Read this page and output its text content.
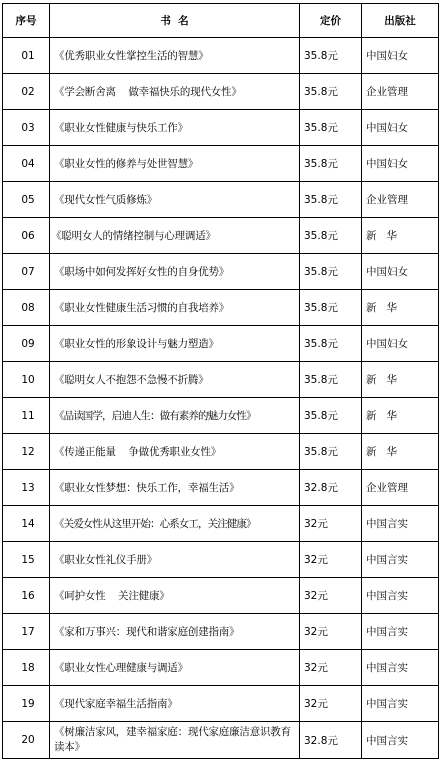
序号	书  名	定价	出版社
01	《优秀职业女性掌控生活的智慧》	35.8元	中国妇女
02	《学会断舍离    做幸福快乐的现代女性》	35.8元	企业管理
03	《职业女性健康与快乐工作》	35.8元	中国妇女
04	《职业女性的修养与处世智慧》	35.8元	中国妇女
05	《现代女性气质修炼》	35.8元	企业管理
06	《聪明女人的情绪控制与心理调适》	35.8元	新   华
07	《职场中如何发挥好女性的自身优势》	35.8元	中国妇女
08	《职业女性健康生活习惯的自我培养》	35.8元	新   华
09	《职业女性的形象设计与魅力塑造》	35.8元	中国妇女
10	《聪明女人不抱怨不急慢不折腾》	35.8元	新   华
11	《品读国学，启迪人生：做有素养的魅力女性》	35.8元	新   华
12	《传递正能量    争做优秀职业女性》	35.8元	新   华
13	《职业女性梦想：快乐工作，幸福生活》	32.8元	企业管理
14	《关爱女性从这里开始：心系女工，关注健康》	32元	中国言实
15	《职业女性礼仪手册》	32元	中国言实
16	《呵护女性    关注健康》	32元	中国言实
17	《家和万事兴：现代和谐家庭创建指南》	32元	中国言实
18	《职业女性心理健康与调适》	32元	中国言实
19	《现代家庭幸福生活指南》	32元	中国言实
20	《树廉洁家风，建幸福家庭：现代家庭廉洁意识教育读本》	32.8元	中国言实
